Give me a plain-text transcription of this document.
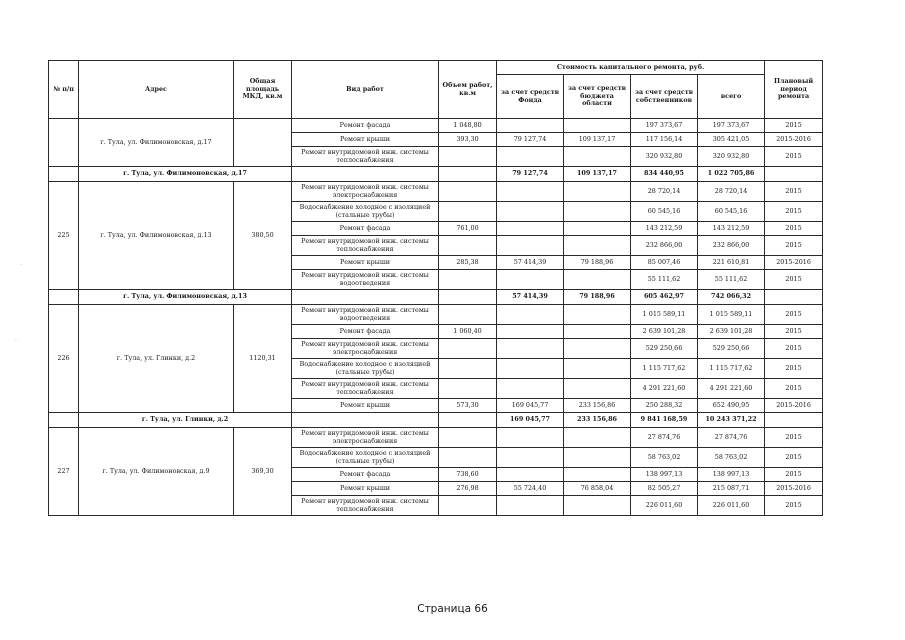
·
·
№ п/п	Адрес	Общая площадь МКД, кв.м	Вид работ	Объем работ, кв.м	Стоимость капитального ремонта, руб.				Плановый период ремонта
					за счет средств Фонда	за счет средств бюджета области	за счет средств собственников	всего	
	г. Тула, ул. Филимоновская, д.17		Ремонт фасада	1 048,80			197 373,67	197 373,67	2015
			Ремонт крыши	393,30	79 127,74	109 137,17	117 156,14	305 421,05	2015-2016
			Ремонт внутридомовой инж. системы теплоснабжения				320 932,80	320 932,80	2015
	г. Тула, ул. Филимоновская, д.17				79 127,74	109 137,17	834 440,95	1 022 705,86	
225	г. Тула, ул. Филимоновская, д.13	380,50	Ремонт внутридомовой инж. системы электроснабжения				28 720,14	28 720,14	2015
			Водоснабжение холодное с изоляцией (стальные трубы)				60 545,16	60 545,16	2015
			Ремонт фасада	761,00			143 212,59	143 212,59	2015
			Ремонт внутридомовой инж. системы теплоснабжения				232 866,00	232 866,00	2015
			Ремонт крыши	285,38	57 414,39	79 188,96	85 007,46	221 610,81	2015-2016
			Ремонт внутридомовой инж. системы водоотведения				55 111,62	55 111,62	2015
	г. Тула, ул. Филимоновская, д.13				57 414,39	79 188,96	605 462,97	742 066,32	
226	г. Тула, ул. Глинки, д.2	1120,31	Ремонт внутридомовой инж. системы водоотведения				1 015 589,11	1 015 589,11	2015
			Ремонт фасада	1 060,40			2 639 101,28	2 639 101,28	2015
			Ремонт внутридомовой инж. системы электроснабжения				529 250,66	529 250,66	2015
			Водоснабжение холодное с изоляцией (стальные трубы)				1 115 717,62	1 115 717,62	2015
			Ремонт внутридомовой инж. системы теплоснабжения				4 291 221,60	4 291 221,60	2015
			Ремонт крыши	573,30	169 045,77	233 156,86	250 288,32	652 490,95	2015-2016
	г. Тула, ул. Глинки, д.2				169 045,77	233 156,86	9 841 168,59	10 243 371,22	
227	г. Тула, ул. Филимоновская, д.9	369,30	Ремонт внутридомовой инж. системы электроснабжения				27 874,76	27 874,76	2015
			Водоснабжение холодное с изоляцией (стальные трубы)				58 763,02	58 763,02	2015
			Ремонт фасада	738,60			138 997,13	138 997,13	2015
			Ремонт крыши	276,98	55 724,40	76 858,04	82 505,27	215 087,71	2015-2016
			Ремонт внутридомовой инж. системы теплоснабжения				226 011,60	226 011,60	2015
Страница 66
